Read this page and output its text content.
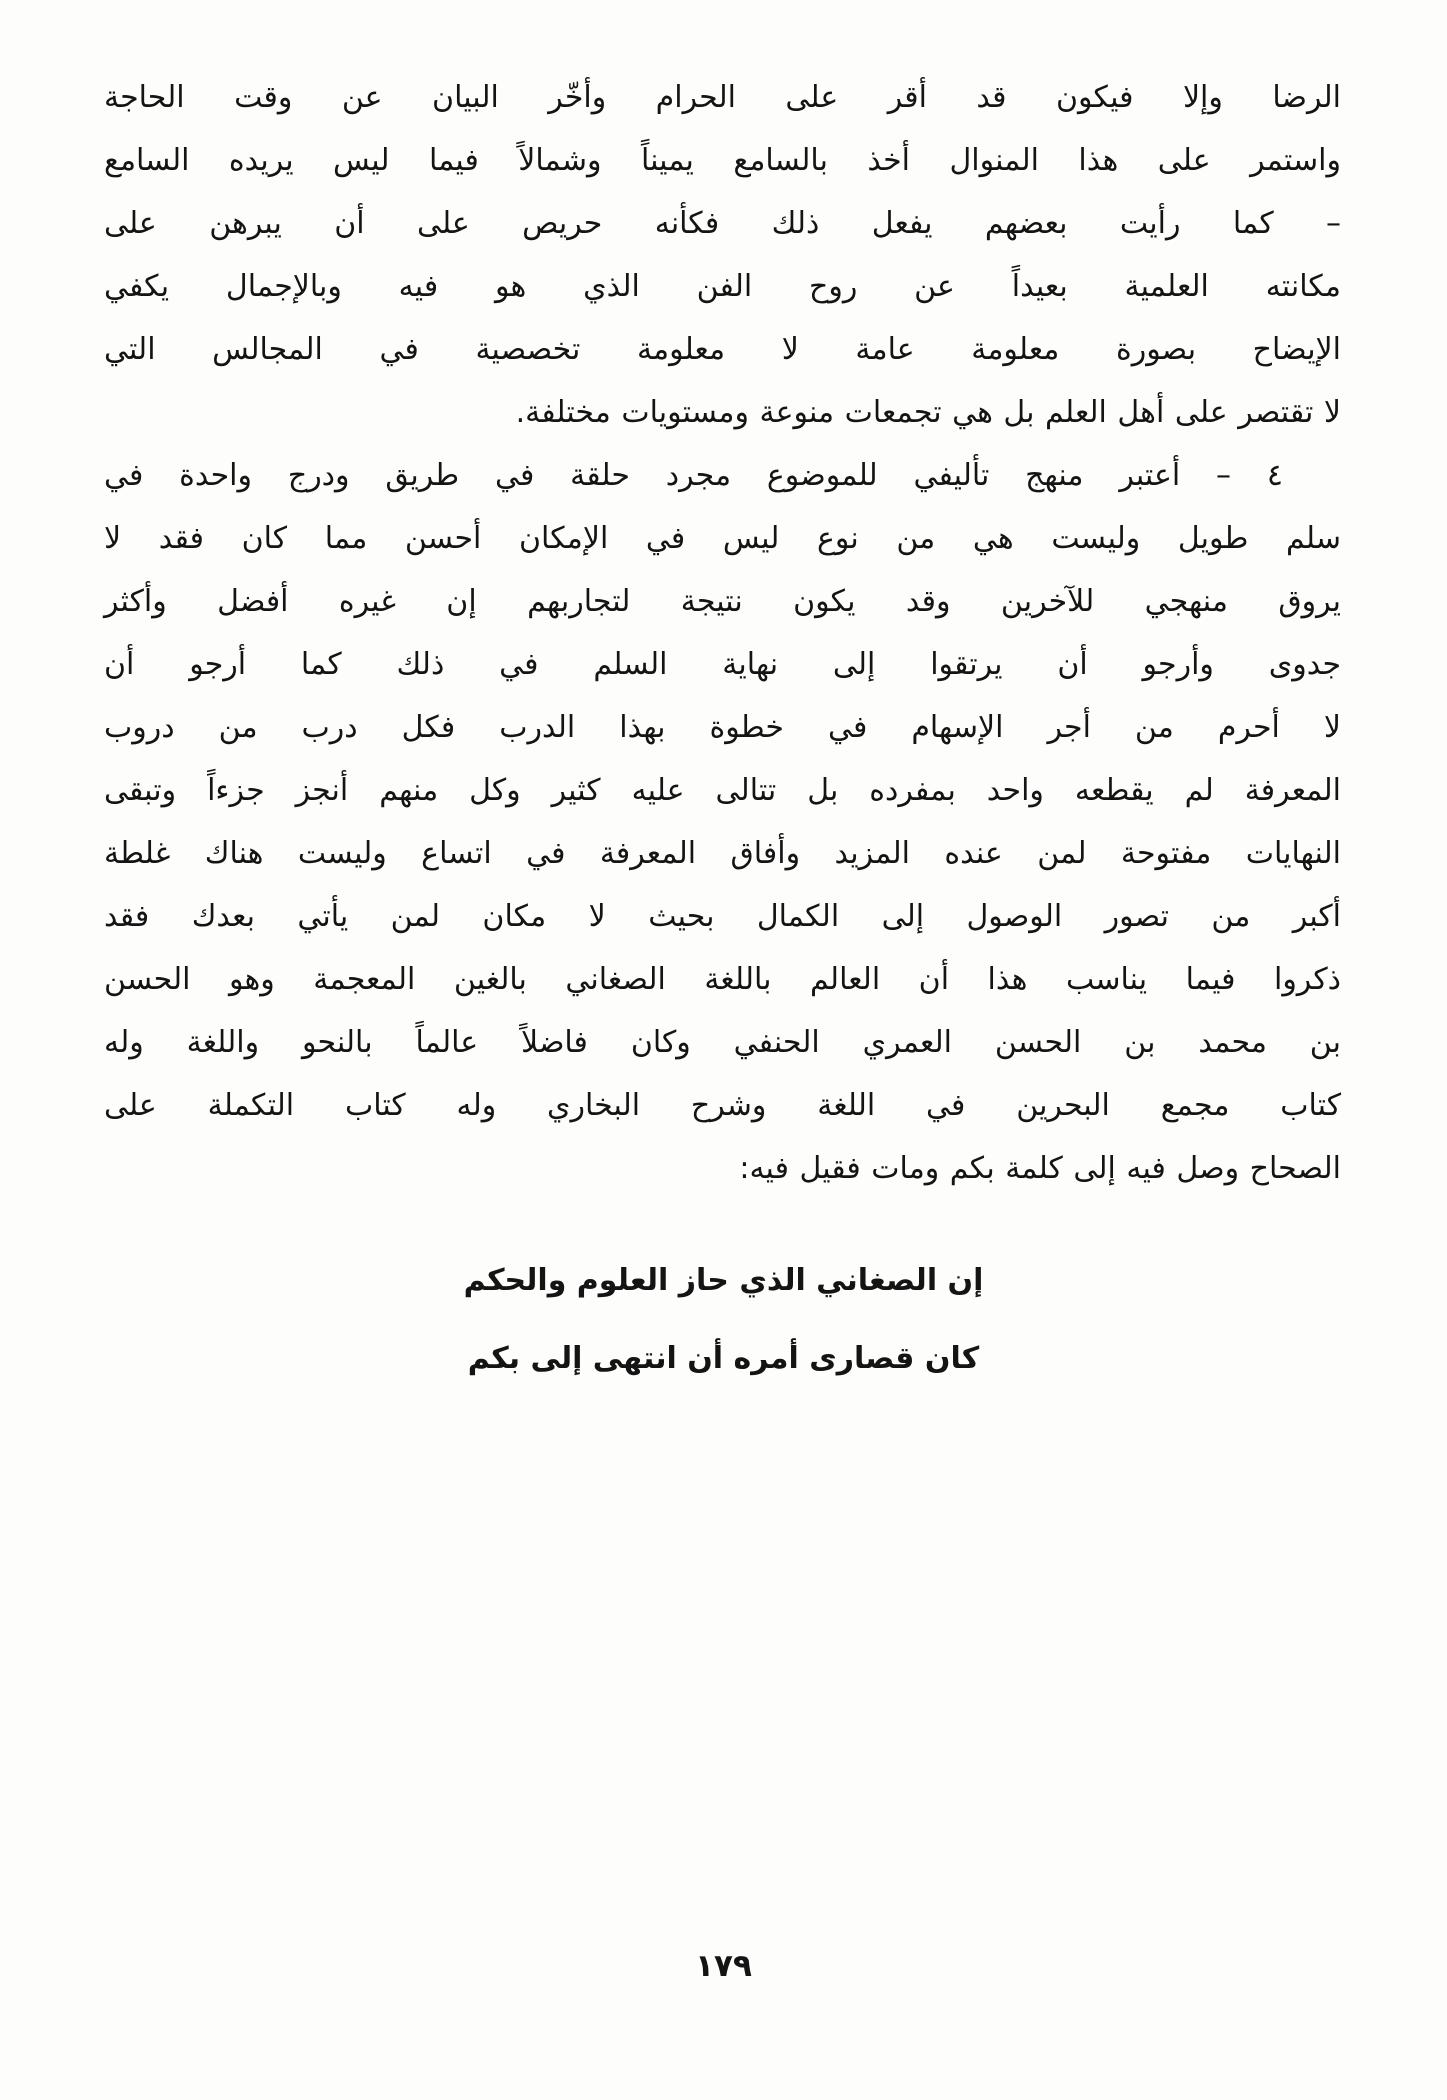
الرضا وإلا فيكون قد أقر على الحرام وأخّر البيان عن وقت الحاجة
واستمر على هذا المنوال أخذ بالسامع يميناً وشمالاً فيما ليس يريده السامع
– كما رأيت بعضهم يفعل ذلك فكأنه حريص على أن يبرهن على
مكانته العلمية بعيداً عن روح الفن الذي هو فيه وبالإجمال يكفي
الإيضاح بصورة معلومة عامة لا معلومة تخصصية في المجالس التي
لا تقتصر على أهل العلم بل هي تجمعات منوعة ومستويات مختلفة.
٤ – أعتبر منهج تأليفي للموضوع مجرد حلقة في طريق ودرج واحدة في
سلم طويل وليست هي من نوع ليس في الإمكان أحسن مما كان فقد لا
يروق منهجي للآخرين وقد يكون نتيجة لتجاربهم إن غيره أفضل وأكثر
جدوى وأرجو أن يرتقوا إلى نهاية السلم في ذلك كما أرجو أن
لا أحرم من أجر الإسهام في خطوة بهذا الدرب فكل درب من دروب
المعرفة لم يقطعه واحد بمفرده بل تتالى عليه كثير وكل منهم أنجز جزءاً وتبقى
النهايات مفتوحة لمن عنده المزيد وأفاق المعرفة في اتساع وليست هناك غلطة
أكبر من تصور الوصول إلى الكمال بحيث لا مكان لمن يأتي بعدك فقد
ذكروا فيما يناسب هذا أن العالم باللغة الصغاني بالغين المعجمة وهو الحسن
بن محمد بن الحسن العمري الحنفي وكان فاضلاً عالماً بالنحو واللغة وله
كتاب مجمع البحرين في اللغة وشرح البخاري وله كتاب التكملة على
الصحاح وصل فيه إلى كلمة بكم ومات فقيل فيه:
إن الصغاني الذي حاز العلوم والحكم
كان قصارى أمره أن انتهى إلى بكم
١٧٩
